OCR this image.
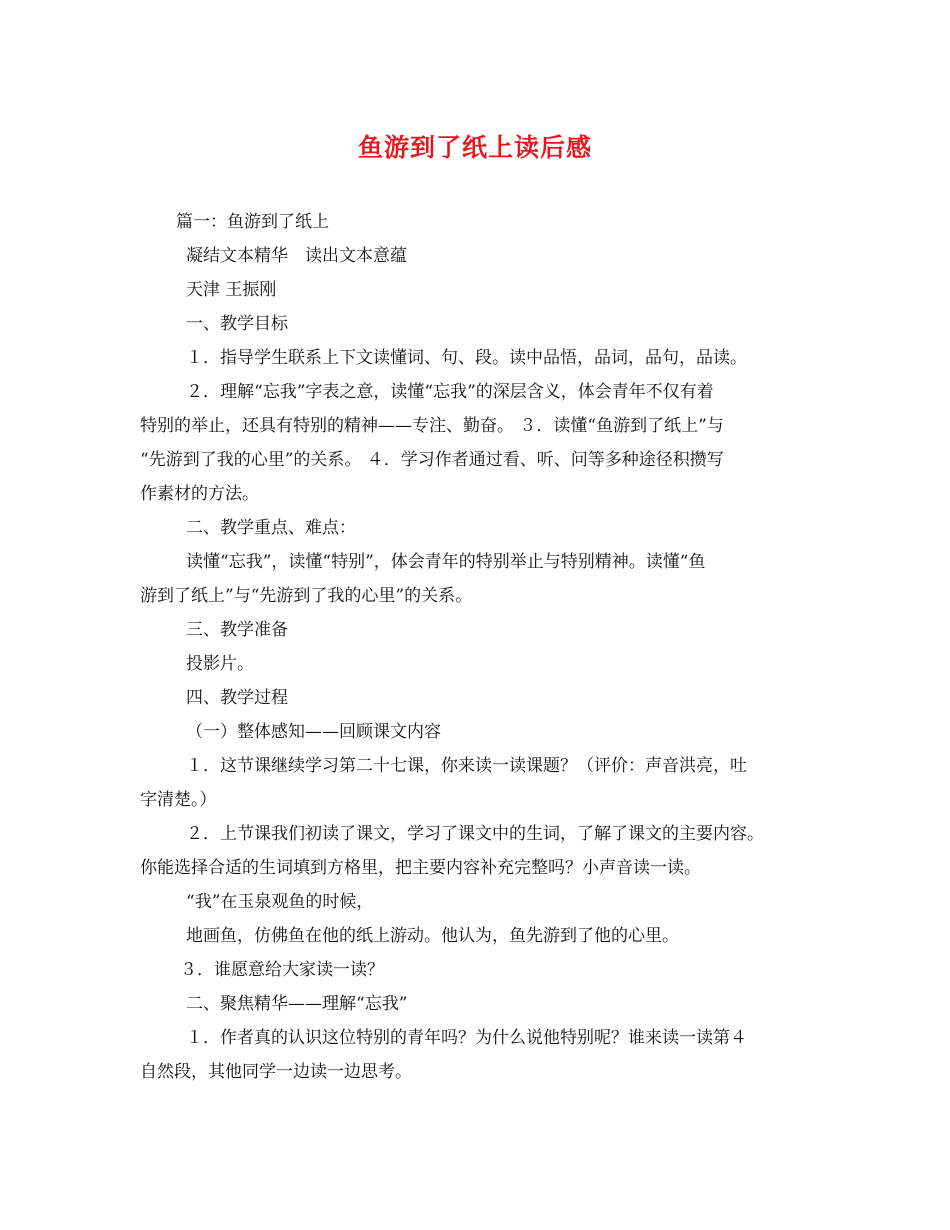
鱼游到了纸上读后感
篇一：鱼游到了纸上
凝结文本精华　读出文本意蕴
天津 王振刚
一、教学目标
１．指导学生联系上下文读懂词、句、段。读中品悟，品词，品句，品读。
２．理解“忘我”字表之意，读懂“忘我”的深层含义，体会青年不仅有着
特别的举止，还具有特别的精神——专注、勤奋。 ３．读懂“鱼游到了纸上”与
“先游到了我的心里”的关系。 ４．学习作者通过看、听、问等多种途径积攒写
作素材的方法。
二、教学重点、难点：
读懂“忘我”，读懂“特别”，体会青年的特别举止与特别精神。读懂“鱼
游到了纸上”与“先游到了我的心里”的关系。
三、教学准备
投影片。
四、教学过程
（一）整体感知——回顾课文内容
１．这节课继续学习第二十七课，你来读一读课题？（评价：声音洪亮，吐
字清楚。）
２．上节课我们初读了课文，学习了课文中的生词，了解了课文的主要内容。
你能选择合适的生词填到方格里，把主要内容补充完整吗？小声音读一读。
“我”在玉泉观鱼的时候，
地画鱼，仿佛鱼在他的纸上游动。他认为，鱼先游到了他的心里。
３．谁愿意给大家读一读？
二、聚焦精华——理解“忘我”
１．作者真的认识这位特别的青年吗？为什么说他特别呢？谁来读一读第４
自然段，其他同学一边读一边思考。
